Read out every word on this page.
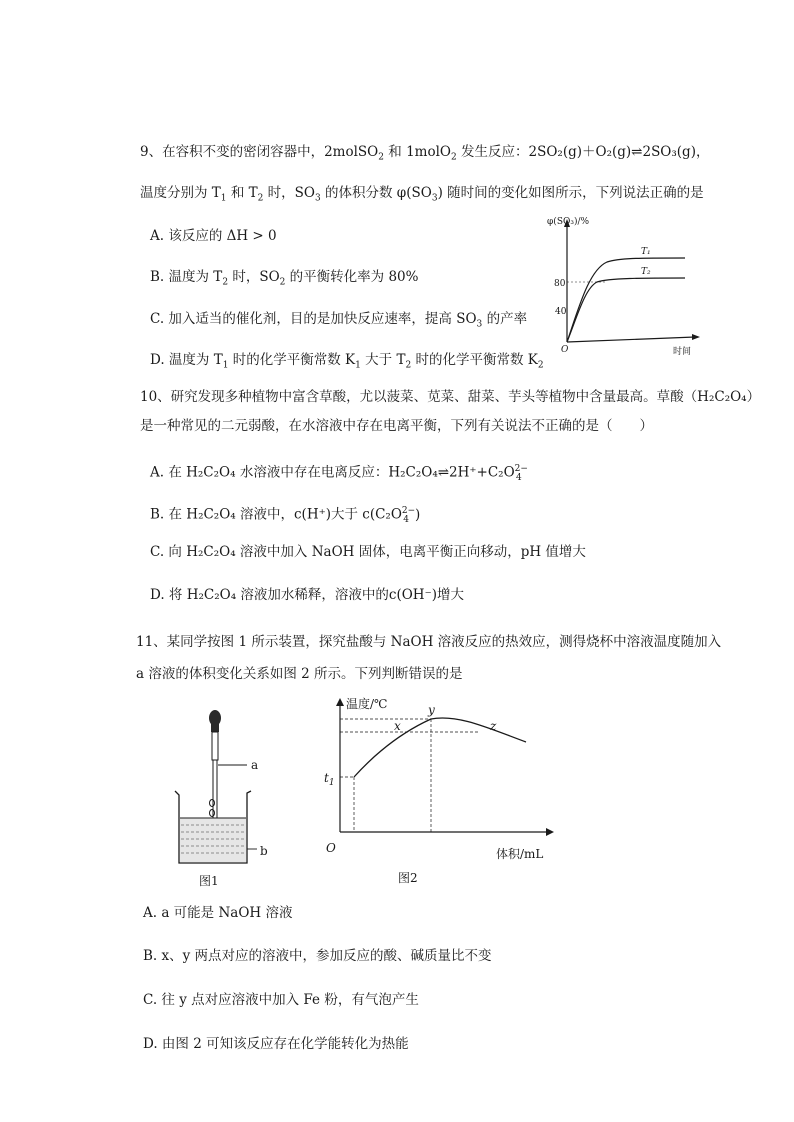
9、在容积不变的密闭容器中，2molSO$_2$ 和 1molO$_2$ 发生反应：2SO₂(g)＋O₂(g)⇌2SO₃(g)，
温度分别为 $T_1$ 和 $T_2$ 时，$SO_3$ 的体积分数 $\varphi(SO_3)$ 随时间的变化如图所示，下列说法正确的是
A. 该反应的 ΔH > 0
B. 温度为 $T_2$ 时，$SO_2$ 的平衡转化率为 80%
C. 加入适当的催化剂，目的是加快反应速率，提高 $SO_3$ 的产率
D. 温度为 $T_1$ 时的化学平衡常数 $K_1$ 大于 $T_2$ 时的化学平衡常数 $K_2$
φ(SO₃)/%
时间
O
80
40
T₁
T₂
10、研究发现多种植物中富含草酸，尤以菠菜、苋菜、甜菜、芋头等植物中含量最高。草酸（H₂C₂O₄）
是一种常见的二元弱酸，在水溶液中存在电离平衡，下列有关说法不正确的是（　　）
A. 在 H₂C₂O₄ 水溶液中存在电离反应：$H_2C_2O_4\rightleftharpoons 2H^++C_2O^{2-}_4$
B. 在 H₂C₂O₄ 溶液中，c(H⁺)大于 $c(C_2O^{2-}_4$ )
C. 向 H₂C₂O₄ 溶液中加入 NaOH 固体，电离平衡正向移动，pH 值增大
D. 将 H₂C₂O₄ 溶液加水稀释，溶液中的c(OH⁻)增大
11、某同学按图 1 所示装置，探究盐酸与 NaOH 溶液反应的热效应，测得烧杯中溶液温度随加入
a 溶液的体积变化关系如图 2 所示。下列判断错误的是
a
b
图1
温度/℃
体积/mL
O
$t_1$
x
y
z
图2
A. a 可能是 NaOH 溶液
B. x、y 两点对应的溶液中，参加反应的酸、碱质量比不变
C. 往 y 点对应溶液中加入 Fe 粉，有气泡产生
D. 由图 2 可知该反应存在化学能转化为热能
